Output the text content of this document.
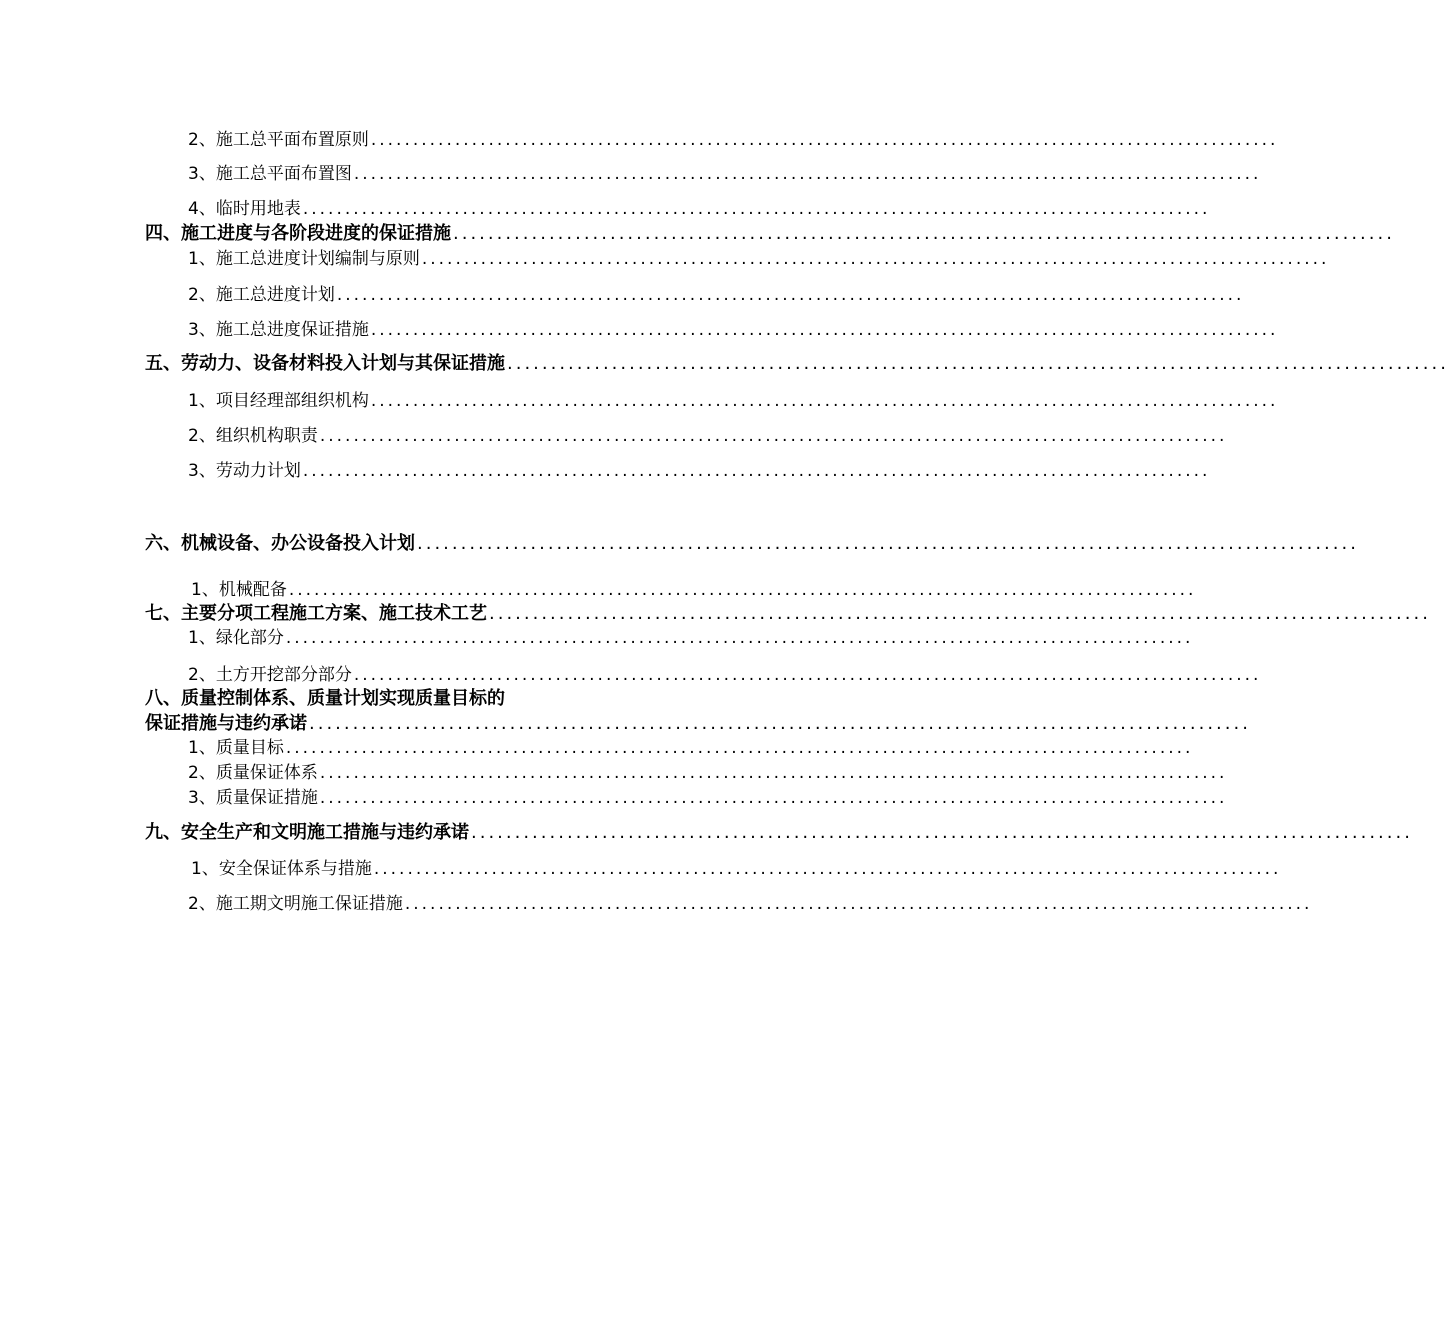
2、施工总平面布置原则 ............................................................................................................
3、施工总平面布置图 ............................................................................................................
4、临时用地表 ............................................................................................................
四、施工进度与各阶段进度的保证措施 ............................................................................................................
1、施工总进度计划编制与原则 ............................................................................................................
2、施工总进度计划 ............................................................................................................
3、施工总进度保证措施 ............................................................................................................
五、劳动力、设备材料投入计划与其保证措施 ............................................................................................................
1、项目经理部组织机构 ............................................................................................................
2、组织机构职责 ............................................................................................................
3、劳动力计划 ............................................................................................................
六、机械设备、办公设备投入计划 ............................................................................................................
1、机械配备 ............................................................................................................
七、主要分项工程施工方案、施工技术工艺 ............................................................................................................
1、绿化部分 ............................................................................................................
2、土方开挖部分部分 ............................................................................................................
八、质量控制体系、质量计划实现质量目标的
保证措施与违约承诺 ............................................................................................................
1、质量目标 ............................................................................................................
2、质量保证体系 ............................................................................................................
3、质量保证措施 ............................................................................................................
九、安全生产和文明施工措施与违约承诺 ............................................................................................................
1、安全保证体系与措施 ............................................................................................................
2、施工期文明施工保证措施 ............................................................................................................
